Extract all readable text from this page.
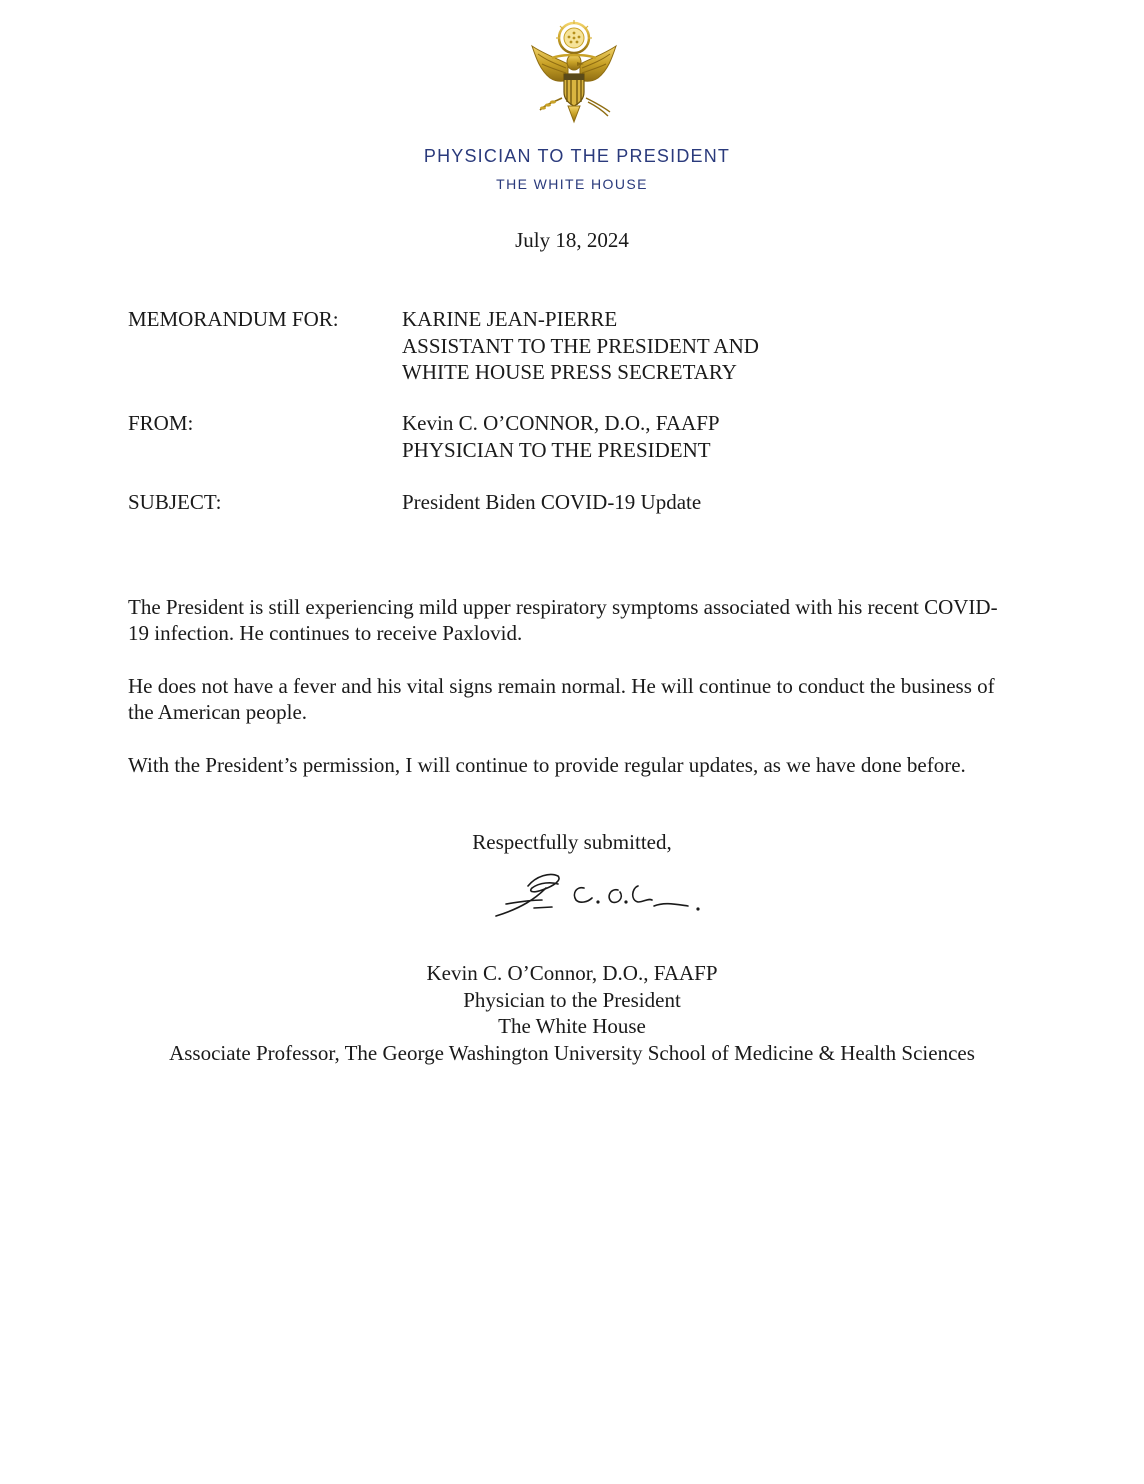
PHYSICIAN TO THE PRESIDENT
THE WHITE HOUSE
July 18, 2024
MEMORANDUM FOR:	KARINE JEAN-PIERRE
ASSISTANT TO THE PRESIDENT AND
WHITE HOUSE PRESS SECRETARY
FROM:	Kevin C. O’CONNOR, D.O., FAAFP
PHYSICIAN TO THE PRESIDENT
SUBJECT:	President Biden COVID-19 Update

The President is still experiencing mild upper respiratory symptoms associated with his recent COVID-19 infection. He continues to receive Paxlovid.

He does not have a fever and his vital signs remain normal. He will continue to conduct the business of the American people.

With the President’s permission, I will continue to provide regular updates, as we have done before.

Respectfully submitted,
Kevin C. O’Connor, D.O., FAAFP
Physician to the President
The White House
Associate Professor, The George Washington University School of Medicine & Health Sciences
